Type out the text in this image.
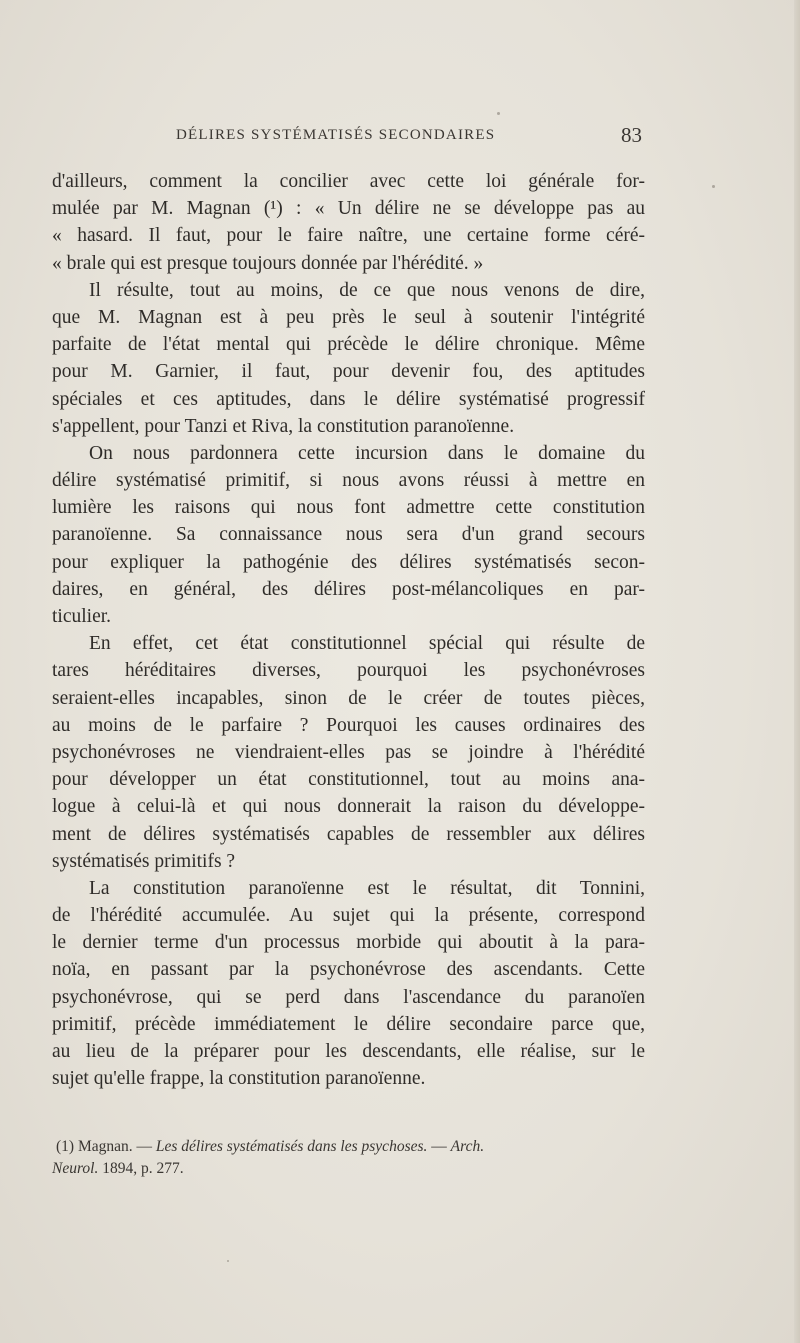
DÉLIRES SYSTÉMATISÉS SECONDAIRES	83
d'ailleurs, comment la concilier avec cette loi générale for-
mulée par M. Magnan (¹) : « Un délire ne se développe pas au
« hasard. Il faut, pour le faire naître, une certaine forme céré-
« brale qui est presque toujours donnée par l'hérédité. »
Il résulte, tout au moins, de ce que nous venons de dire,
que M. Magnan est à peu près le seul à soutenir l'intégrité
parfaite de l'état mental qui précède le délire chronique. Même
pour M. Garnier, il faut, pour devenir fou, des aptitudes
spéciales et ces aptitudes, dans le délire systématisé progressif
s'appellent, pour Tanzi et Riva, la constitution paranoïenne.
On nous pardonnera cette incursion dans le domaine du
délire systématisé primitif, si nous avons réussi à mettre en
lumière les raisons qui nous font admettre cette constitution
paranoïenne. Sa connaissance nous sera d'un grand secours
pour expliquer la pathogénie des délires systématisés secon-
daires, en général, des délires post-mélancoliques en par-
ticulier.
En effet, cet état constitutionnel spécial qui résulte de
tares héréditaires diverses, pourquoi les psychonévroses
seraient-elles incapables, sinon de le créer de toutes pièces,
au moins de le parfaire ? Pourquoi les causes ordinaires des
psychonévroses ne viendraient-elles pas se joindre à l'hérédité
pour développer un état constitutionnel, tout au moins ana-
logue à celui-là et qui nous donnerait la raison du développe-
ment de délires systématisés capables de ressembler aux délires
systématisés primitifs ?
La constitution paranoïenne est le résultat, dit Tonnini,
de l'hérédité accumulée. Au sujet qui la présente, correspond
le dernier terme d'un processus morbide qui aboutit à la para-
noïa, en passant par la psychonévrose des ascendants. Cette
psychonévrose, qui se perd dans l'ascendance du paranoïen
primitif, précède immédiatement le délire secondaire parce que,
au lieu de la préparer pour les descendants, elle réalise, sur le
sujet qu'elle frappe, la constitution paranoïenne.
(1) Magnan. — Les délires systématisés dans les psychoses. — Arch.
Neurol. 1894, p. 277.
